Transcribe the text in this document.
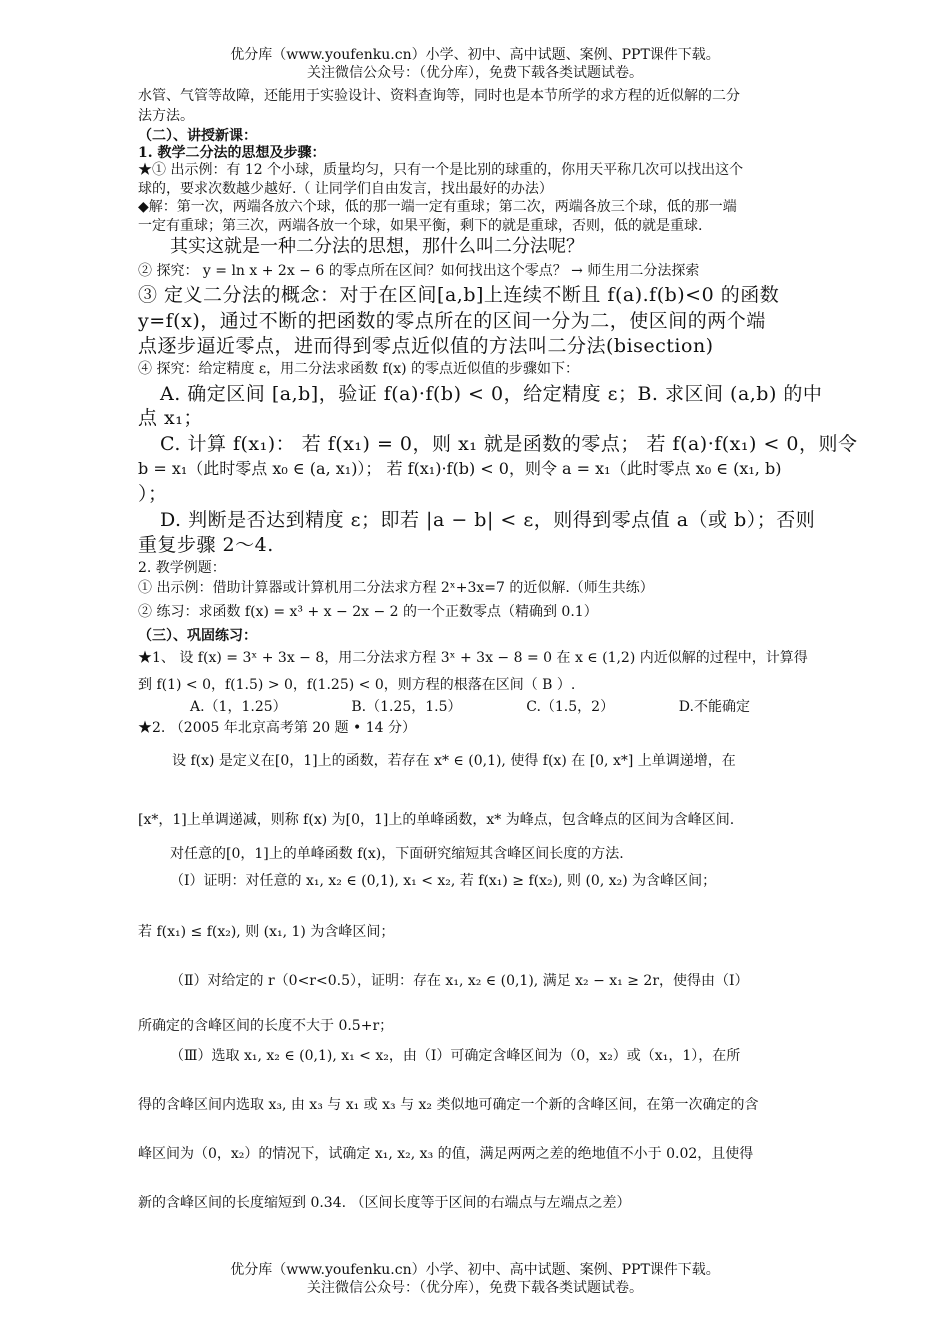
优分库（www.youfenku.cn）小学、初中、高中试题、案例、PPT课件下载。
关注微信公众号：（优分库），免费下载各类试题试卷。
水管、气管等故障，还能用于实验设计、资料查询等，同时也是本节所学的求方程的近似解的二分
法方法。
（二）、讲授新课：
1. 教学二分法的思想及步骤：
★① 出示例：有 12 个小球，质量均匀，只有一个是比别的球重的，你用天平称几次可以找出这个
球的，要求次数越少越好.（ 让同学们自由发言，找出最好的办法）
◆解：第一次，两端各放六个球，低的那一端一定有重球；第二次，两端各放三个球，低的那一端
一定有重球；第三次，两端各放一个球，如果平衡，剩下的就是重球，否则，低的就是重球.
其实这就是一种二分法的思想，那什么叫二分法呢？
② 探究： y = ln x + 2x − 6 的零点所在区间？如何找出这个零点？ → 师生用二分法探索
③ 定义二分法的概念：对于在区间[a,b]上连续不断且 f(a).f(b)<0 的函数
y=f(x)，通过不断的把函数的零点所在的区间一分为二，使区间的两个端
点逐步逼近零点，进而得到零点近似值的方法叫二分法(bisection)
④ 探究：给定精度 ε，用二分法求函数 f(x) 的零点近似值的步骤如下：
A. 确定区间 [a,b]，验证 f(a)·f(b) < 0，给定精度 ε；B. 求区间 (a,b) 的中
点 x₁；
C. 计算 f(x₁)： 若 f(x₁) = 0，则 x₁ 就是函数的零点； 若 f(a)·f(x₁) < 0，则令
b = x₁（此时零点 x₀ ∈ (a, x₁)）； 若 f(x₁)·f(b) < 0，则令 a = x₁（此时零点 x₀ ∈ (x₁, b)
）；
D. 判断是否达到精度 ε；即若 |a − b| < ε，则得到零点值 a（或 b）；否则
重复步骤 2～4.
2. 教学例题：
① 出示例：借助计算器或计算机用二分法求方程 2ˣ+3x=7 的近似解.（师生共练）
② 练习：求函数 f(x) = x³ + x − 2x − 2 的一个正数零点（精确到 0.1）
（三）、巩固练习：
★1、 设 f(x) = 3ˣ + 3x − 8，用二分法求方程 3ˣ + 3x − 8 = 0 在 x ∈ (1,2) 内近似解的过程中，计算得
到 f(1) < 0，f(1.5) > 0，f(1.25) < 0，则方程的根落在区间（ B ）.
A.（1，1.25）	B.（1.25，1.5）	C.（1.5，2）	D.不能确定
★2. （2005 年北京高考第 20 题 • 14 分）
设 f(x) 是定义在[0，1]上的函数，若存在 x* ∈ (0,1), 使得 f(x) 在 [0, x*] 上单调递增，在
[x*，1]上单调递减，则称 f(x) 为[0，1]上的单峰函数，x* 为峰点，包含峰点的区间为含峰区间.
对任意的[0，1]上的单峰函数 f(x)，下面研究缩短其含峰区间长度的方法.
（Ⅰ）证明：对任意的 x₁, x₂ ∈ (0,1), x₁ < x₂, 若 f(x₁) ≥ f(x₂), 则 (0, x₂) 为含峰区间；
若 f(x₁) ≤ f(x₂), 则 (x₁, 1) 为含峰区间；
（Ⅱ）对给定的 r（0<r<0.5），证明：存在 x₁, x₂ ∈ (0,1), 满足 x₂ − x₁ ≥ 2r，使得由（Ⅰ）
所确定的含峰区间的长度不大于 0.5+r；
（Ⅲ）选取 x₁, x₂ ∈ (0,1), x₁ < x₂，由（Ⅰ）可确定含峰区间为（0，x₂）或（x₁，1），在所
得的含峰区间内选取 x₃, 由 x₃ 与 x₁ 或 x₃ 与 x₂ 类似地可确定一个新的含峰区间，在第一次确定的含
峰区间为（0，x₂）的情况下，试确定 x₁, x₂, x₃ 的值，满足两两之差的绝地值不小于 0.02，且使得
新的含峰区间的长度缩短到 0.34. （区间长度等于区间的右端点与左端点之差）
优分库（www.youfenku.cn）小学、初中、高中试题、案例、PPT课件下载。
关注微信公众号：（优分库），免费下载各类试题试卷。
